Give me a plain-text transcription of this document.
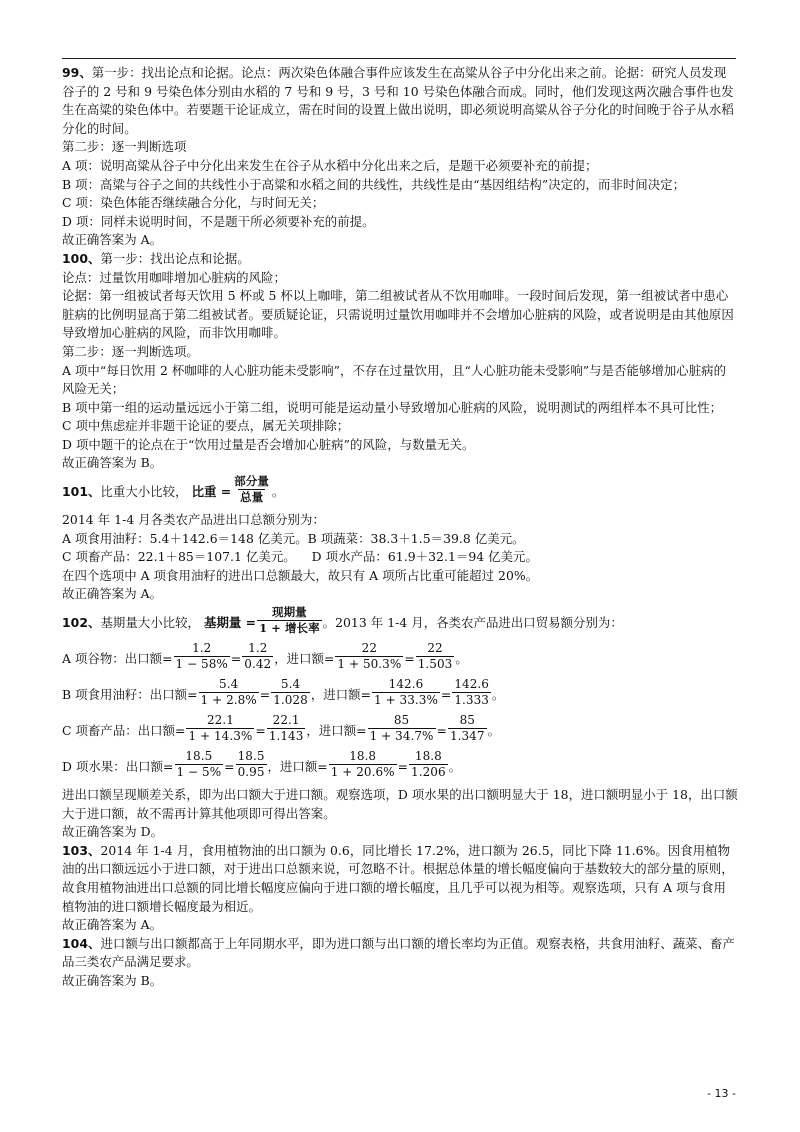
99、第一步：找出论点和论据。论点：两次染色体融合事件应该发生在高粱从谷子中分化出来之前。论据：研究人员发现谷子的 2 号和 9 号染色体分别由水稻的 7 号和 9 号，3 号和 10 号染色体融合而成。同时，他们发现这两次融合事件也发生在高粱的染色体中。若要题干论证成立，需在时间的设置上做出说明，即必须说明高粱从谷子分化的时间晚于谷子从水稻分化的时间。

第二步：逐一判断选项

A 项：说明高粱从谷子中分化出来发生在谷子从水稻中分化出来之后，是题干必须要补充的前提；

B 项：高粱与谷子之间的共线性小于高粱和水稻之间的共线性，共线性是由“基因组结构”决定的，而非时间决定；

C 项：染色体能否继续融合分化，与时间无关；

D 项：同样未说明时间，不是题干所必须要补充的前提。

故正确答案为 A。

100、第一步：找出论点和论据。

论点：过量饮用咖啡增加心脏病的风险；

论据：第一组被试者每天饮用 5 杯或 5 杯以上咖啡，第二组被试者从不饮用咖啡。一段时间后发现，第一组被试者中患心脏病的比例明显高于第二组被试者。要质疑论证，只需说明过量饮用咖啡并不会增加心脏病的风险，或者说明是由其他原因导致增加心脏病的风险，而非饮用咖啡。

第二步：逐一判断选项。

A 项中“每日饮用 2 杯咖啡的人心脏功能未受影响”，不存在过量饮用，且“人心脏功能未受影响”与是否能够增加心脏病的风险无关；

B 项中第一组的运动量远远小于第二组，说明可能是运动量小导致增加心脏病的风险，说明测试的两组样本不具可比性；

C 项中焦虑症并非题干论证的要点，属无关项排除；

D 项中题干的论点在于“饮用过量是否会增加心脏病”的风险，与数量无关。

故正确答案为 B。

101、比重大小比较， 比重 = $\frac{\text{部分量}}{\text{总量}}$ 。

2014 年 1-4 月各类农产品进出口总额分别为：

A 项食用油籽：5.4＋142.6＝148 亿美元。B 项蔬菜：38.3＋1.5＝39.8 亿美元。

C 项畜产品：22.1＋85＝107.1 亿美元。    D 项水产品：61.9＋32.1＝94 亿美元。

在四个选项中 A 项食用油籽的进出口总额最大，故只有 A 项所占比重可能超过 20%。

故正确答案为 A。

102、基期量大小比较， 基期量 = $\frac{\text{现期量}}{\text{1 + 增长率}}$ 。2013 年 1-4 月，各类农产品进出口贸易额分别为：

A 项谷物：出口额= $\frac{1.2}{1 - 58\%} = \frac{1.2}{0.42}$ ，进口额= $\frac{22}{1 + 50.3\%} = \frac{22}{1.503}$ 。

B 项食用油籽：出口额= $\frac{5.4}{1 + 2.8\%} = \frac{5.4}{1.028}$ ，进口额= $\frac{142.6}{1 + 33.3\%} = \frac{142.6}{1.333}$ 。

C 项畜产品：出口额= $\frac{22.1}{1 + 14.3\%} = \frac{22.1}{1.143}$ ，进口额= $\frac{85}{1 + 34.7\%} = \frac{85}{1.347}$ 。

D 项水果：出口额= $\frac{18.5}{1 - 5\%} = \frac{18.5}{0.95}$ ，进口额= $\frac{18.8}{1 + 20.6\%} = \frac{18.8}{1.206}$ 。

进出口额呈现顺差关系，即为出口额大于进口额。观察选项，D 项水果的出口额明显大于 18，进口额明显小于 18，出口额大于进口额，故不需再计算其他项即可得出答案。

故正确答案为 D。

103、2014 年 1-4 月，食用植物油的出口额为 0.6，同比增长 17.2%，进口额为 26.5，同比下降 11.6%。因食用植物油的出口额远远小于进口额，对于进出口总额来说，可忽略不计。根据总体量的增长幅度偏向于基数较大的部分量的原则，故食用植物油进出口总额的同比增长幅度应偏向于进口额的增长幅度，且几乎可以视为相等。观察选项，只有 A 项与食用植物油的进口额增长幅度最为相近。

故正确答案为 A。

104、进口额与出口额都高于上年同期水平，即为进口额与出口额的增长率均为正值。观察表格，共食用油籽、蔬菜、畜产品三类农产品满足要求。

故正确答案为 B。

- 13 -
